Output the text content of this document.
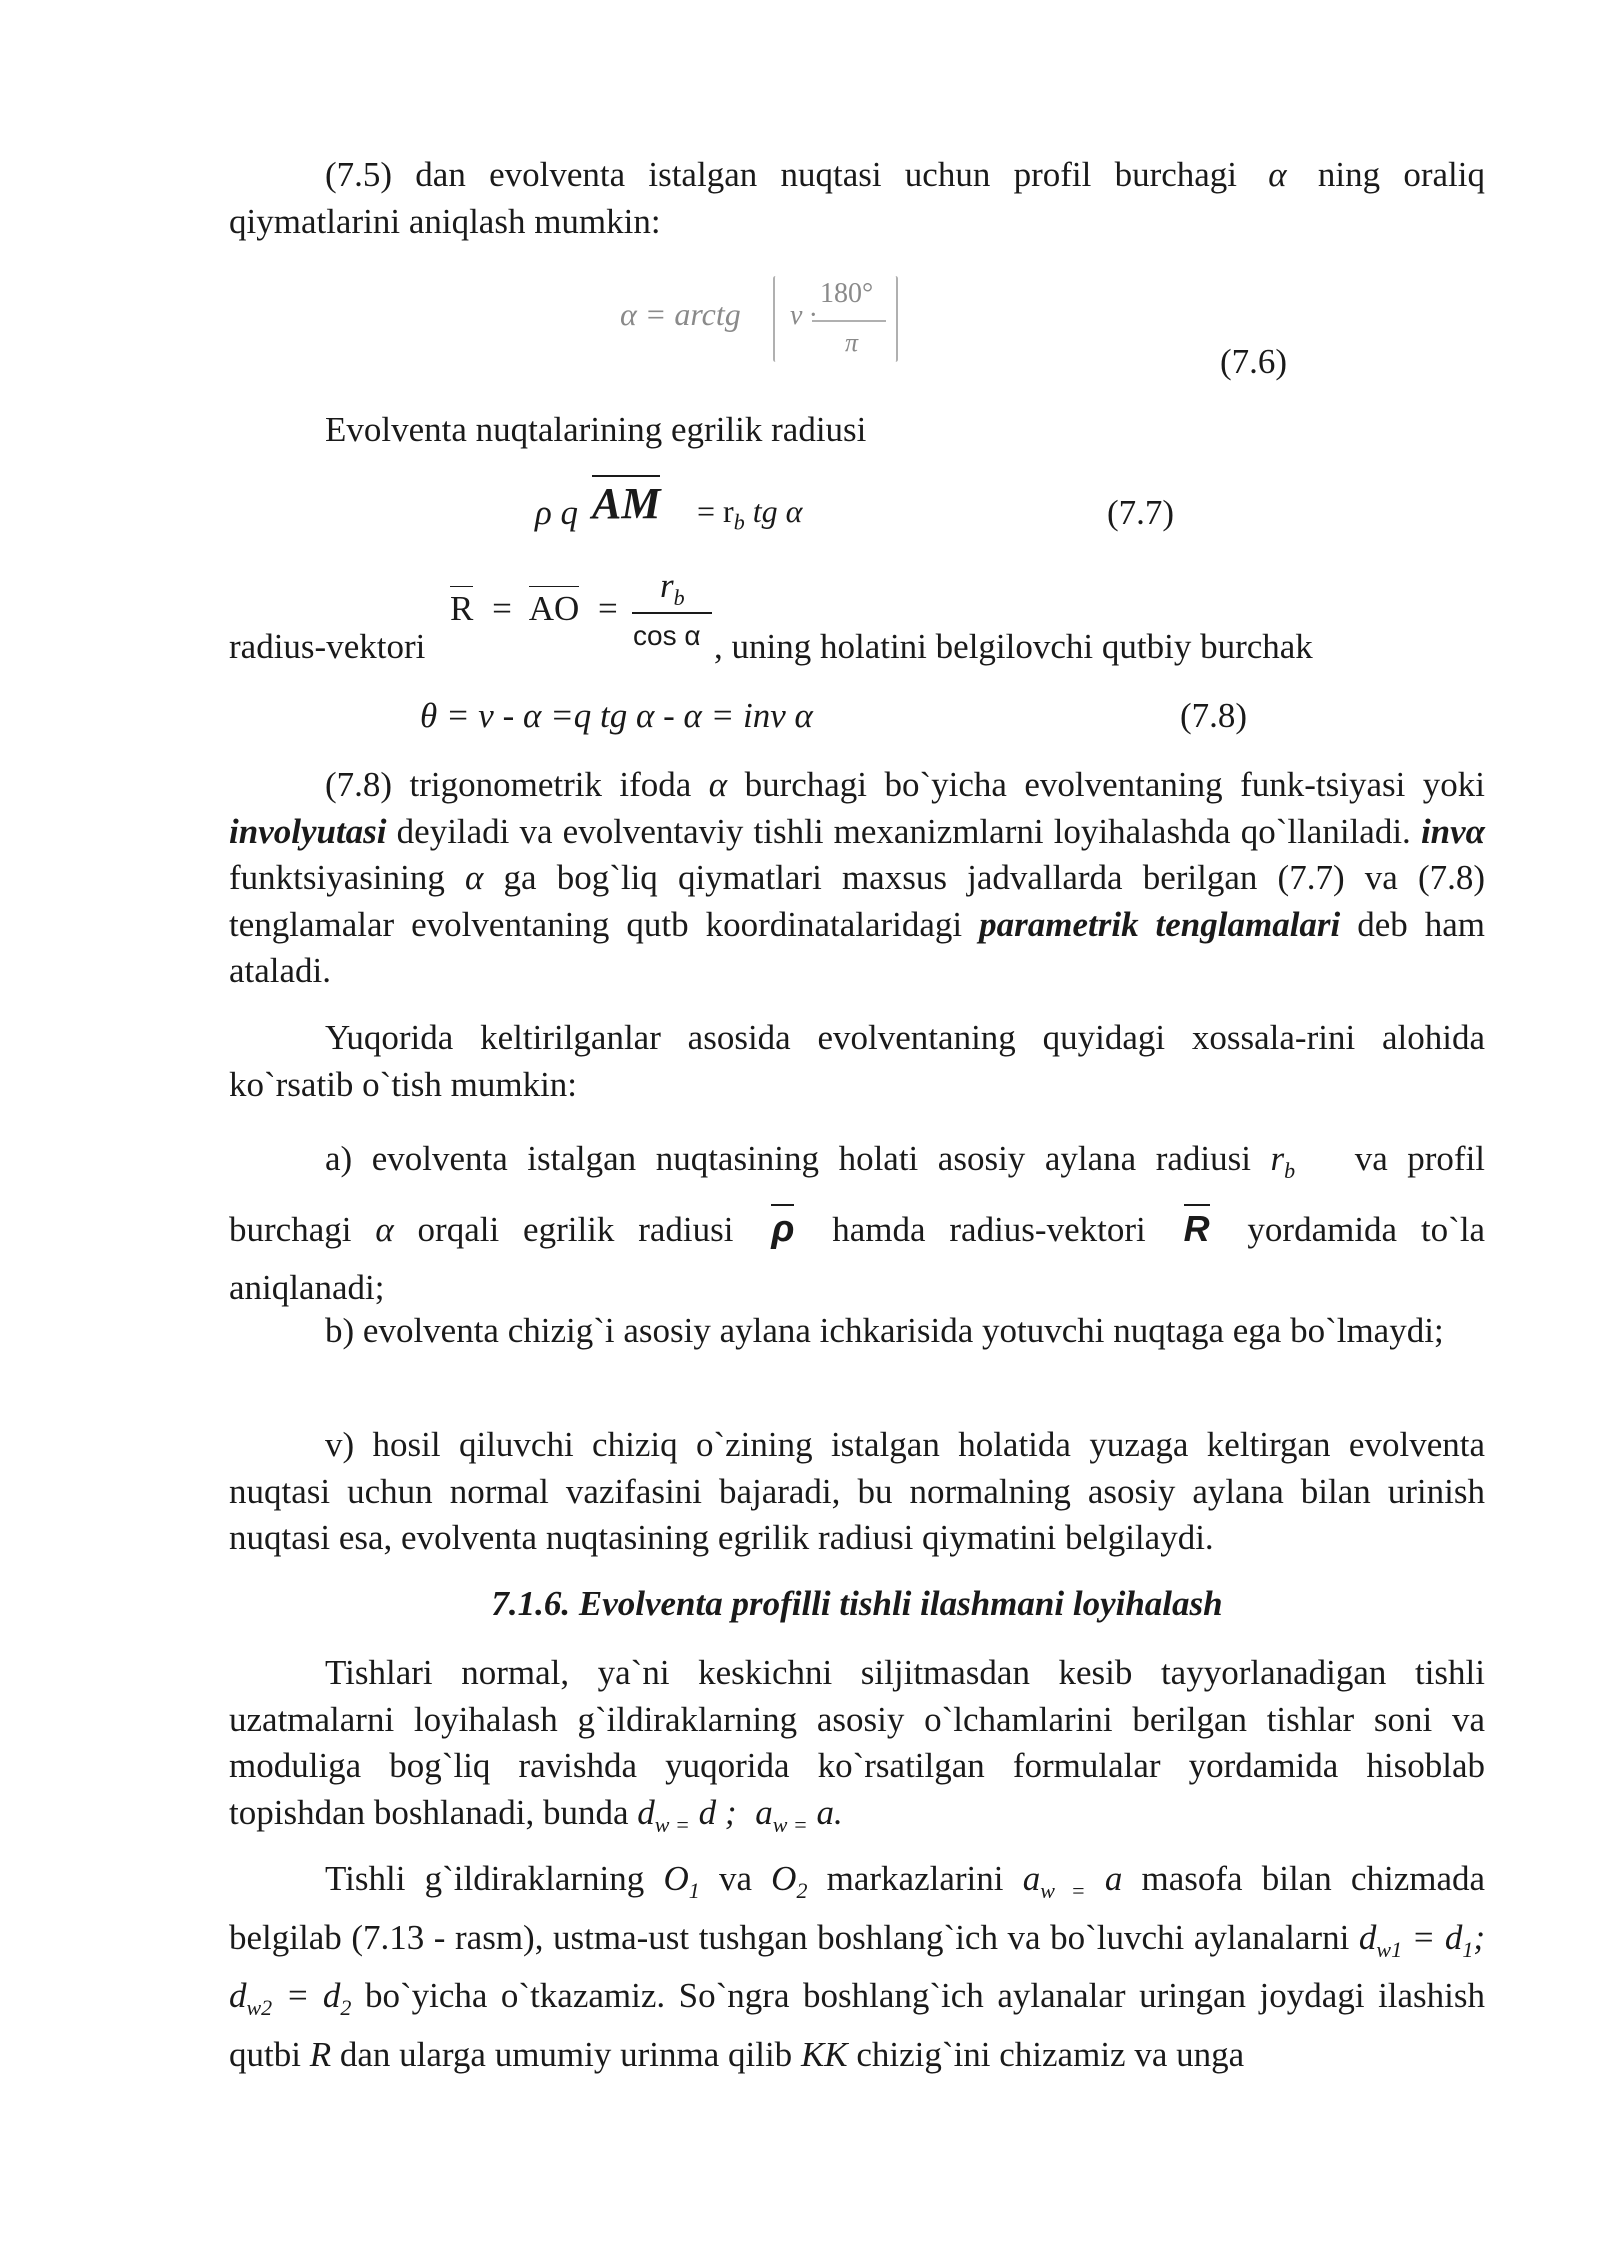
(7.5) dan evolventa istalgan nuqtasi uchun profil burchagi α ning oraliq qiymatlarini aniqlash mumkin:
α = arctg ν ·
180°
π	(7.6)
Evolventa nuqtalarining egrilik radiusi
ρ q AM = $r_b$ tg α	(7.7)
R = AO =
$r_b$
cos α
radius-vektori	, uning holatini belgilovchi qutbiy burchak
θ = ν - α =q tg α - α = inv α	(7.8)
(7.8) trigonometrik ifoda α burchagi bo`yicha evolventaning funk-tsiyasi yoki involyutasi deyiladi va evolventaviy tishli mexanizmlarni loyihalashda qo`llaniladi. invα funktsiyasining α ga bog`liq qiymatlari maxsus jadvallarda berilgan (7.7) va (7.8) tenglamalar evolventaning qutb koordinatalaridagi parametrik tenglamalari deb ham ataladi.
Yuqorida keltirilganlar asosida evolventaning quyidagi xossala-rini alohida ko`rsatib o`tish mumkin:
a) evolventa istalgan nuqtasining holati asosiy aylana radiusi $r_b$ va profil burchagi α orqali egrilik radiusi ρ hamda radius-vektori R yordamida to`la aniqlanadi;
b) evolventa chizig`i asosiy aylana ichkarisida yotuvchi nuqtaga ega bo`lmaydi;
v) hosil qiluvchi chiziq o`zining istalgan holatida yuzaga keltirgan evolventa nuqtasi uchun normal vazifasini bajaradi, bu normalning asosiy aylana bilan urinish nuqtasi esa, evolventa nuqtasining egrilik radiusi qiymatini belgilaydi.
7.1.6. Evolventa profilli tishli ilashmani loyihalash
Tishlari normal, ya`ni keskichni siljitmasdan kesib tayyorlanadigan tishli uzatmalarni loyihalash g`ildiraklarning asosiy o`lchamlarini berilgan tishlar soni va moduliga bog`liq ravishda yuqorida ko`rsatilgan formulalar yordamida hisoblab topishdan boshlanadi, bunda $d_{w =}$ d ; $a_{w =}$ a.
Tishli g`ildiraklarning $O_1$ va $O_2$ markazlarini $a_{w =}$ a masofa bilan chizmada belgilab (7.13 - rasm), ustma-ust tushgan boshlang`ich va bo`luvchi aylanalarni $d_{w1} = d_1$; $d_{w2} = d_2$ bo`yicha o`tkazamiz. So`ngra boshlang`ich aylanalar uringan joydagi ilashish qutbi R dan ularga umumiy urinma qilib KK chizig`ini chizamiz va unga
